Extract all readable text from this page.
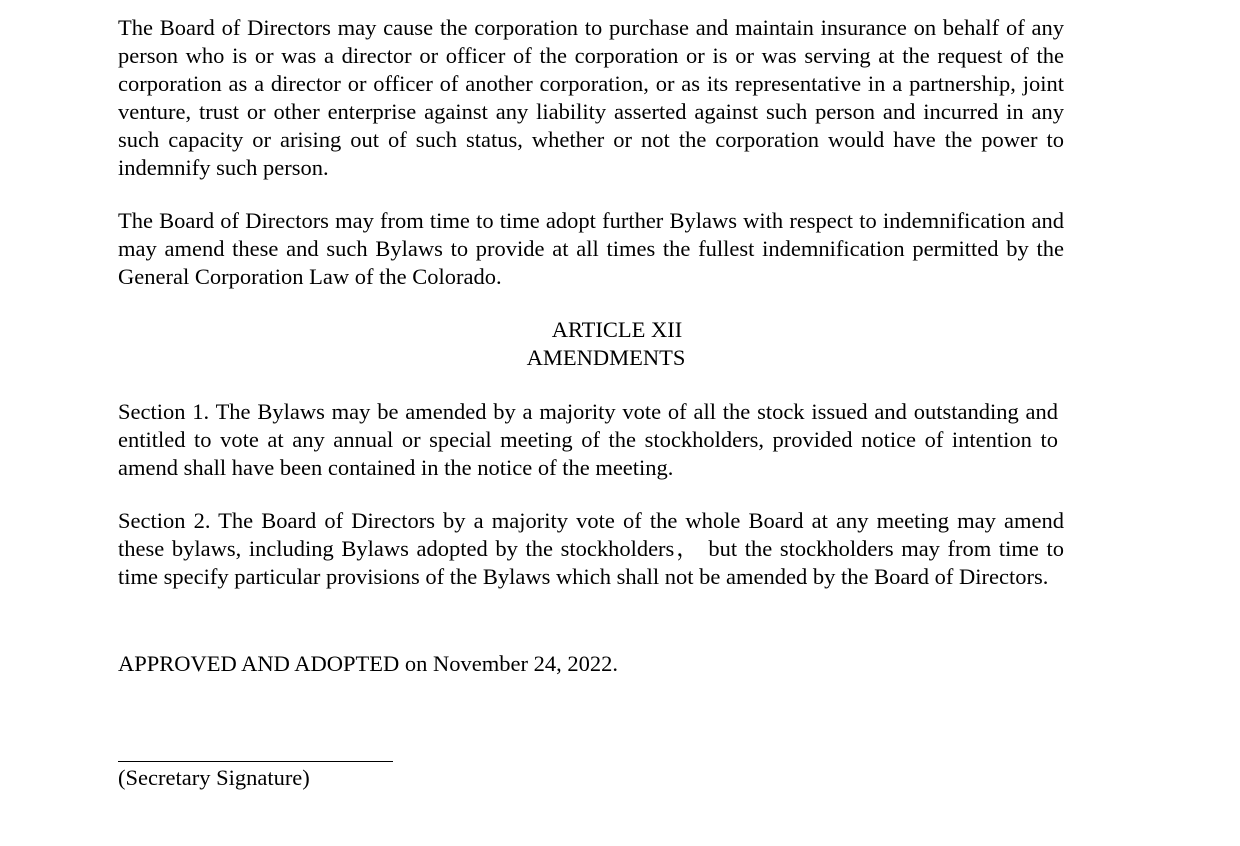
The Board of Directors may cause the corporation to purchase and maintain insurance on behalf of any person who is or was a director or officer of the corporation or is or was serving at the request of the corporation as a director or officer of another corporation, or as its representative in a partnership, joint venture, trust or other enterprise against any liability asserted against such person and incurred in any such capacity or arising out of such status, whether or not the corporation would have the power to indemnify such person.

The Board of Directors may from time to time adopt further Bylaws with respect to indemnification and may amend these and such Bylaws to provide at all times the fullest indemnification permitted by the General Corporation Law of the Colorado.

ARTICLE XII

AMENDMENTS

Section 1. The Bylaws may be amended by a majority vote of all the stock issued and outstanding and entitled to vote at any annual or special meeting of the stockholders, provided notice of intention to amend shall have been contained in the notice of the meeting.

Section 2. The Board of Directors by a majority vote of the whole Board at any meeting may amend these bylaws, including Bylaws adopted by the stockholders， but the stockholders may from time to time specify particular provisions of the Bylaws which shall not be amended by the Board of Directors.

APPROVED AND ADOPTED on November 24, 2022.

(Secretary Signature)
